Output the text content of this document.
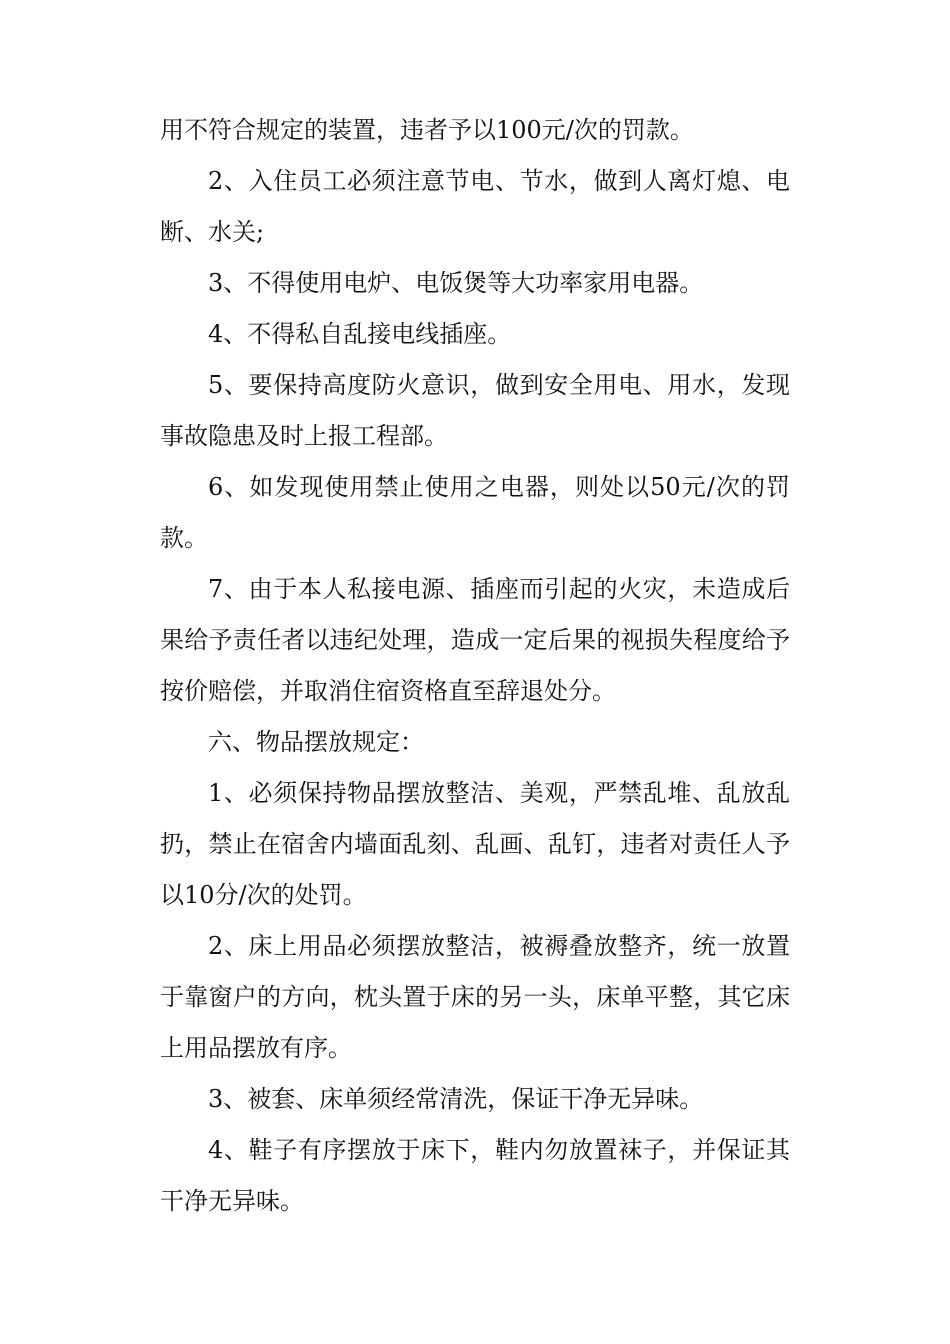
用不符合规定的装置，违者予以100元/次的罚款。

2、入住员工必须注意节电、节水，做到人离灯熄、电断、水关;

3、不得使用电炉、电饭煲等大功率家用电器。

4、不得私自乱接电线插座。

5、要保持高度防火意识，做到安全用电、用水，发现事故隐患及时上报工程部。

6、如发现使用禁止使用之电器，则处以50元/次的罚款。

7、由于本人私接电源、插座而引起的火灾，未造成后果给予责任者以违纪处理，造成一定后果的视损失程度给予按价赔偿，并取消住宿资格直至辞退处分。

六、物品摆放规定：

1、必须保持物品摆放整洁、美观，严禁乱堆、乱放乱扔，禁止在宿舍内墙面乱刻、乱画、乱钉，违者对责任人予以10分/次的处罚。

2、床上用品必须摆放整洁，被褥叠放整齐，统一放置于靠窗户的方向，枕头置于床的另一头，床单平整，其它床上用品摆放有序。

3、被套、床单须经常清洗，保证干净无异味。

4、鞋子有序摆放于床下，鞋内勿放置袜子，并保证其干净无异味。
